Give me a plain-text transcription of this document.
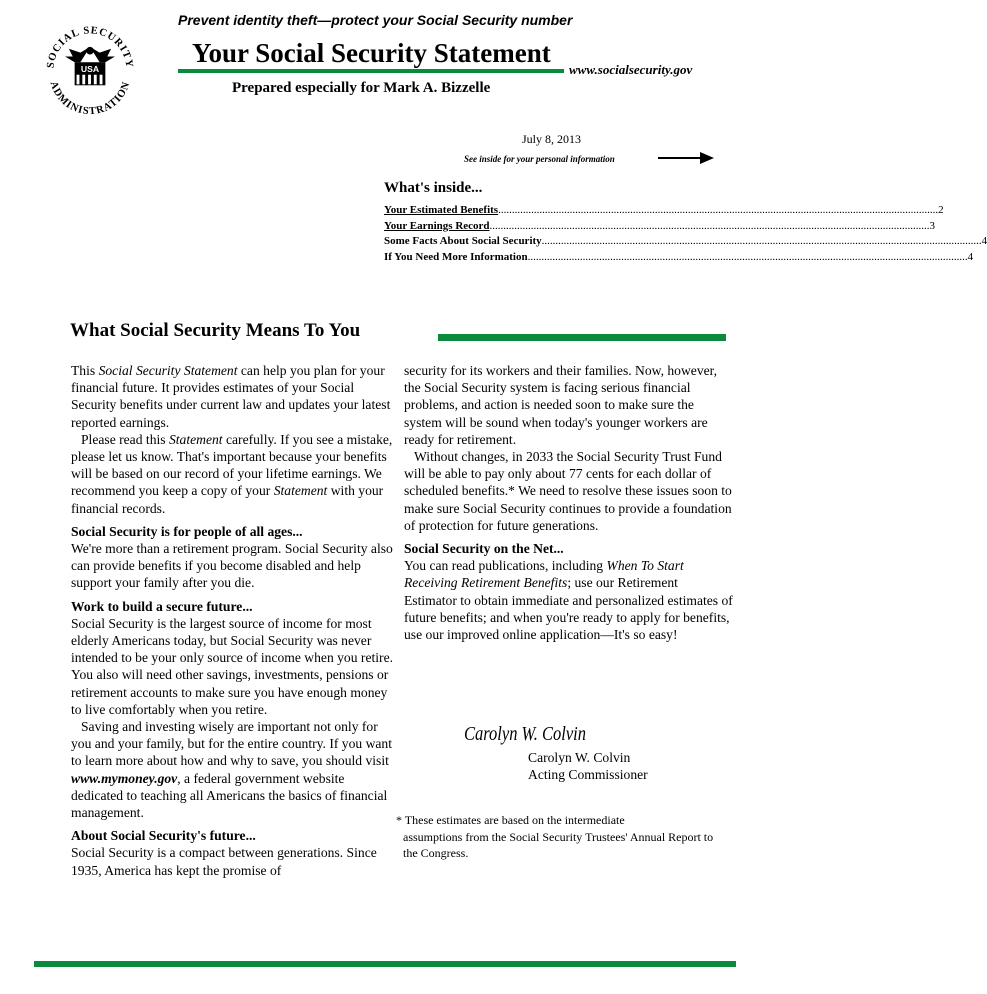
SOCIAL SECURITY
ADMINISTRATION
USA
Prevent identity theft—protect your Social Security number
Your Social Security Statement
www.socialsecurity.gov
Prepared especially for Mark A. Bizzelle
July 8, 2013
See inside for your personal information
What's inside...
Your Estimated Benefits .....	2
Your Earnings Record .....	3
Some Facts About Social Security .....	4
If You Need More Information .....	4
What Social Security Means To You

This Social Security Statement can help you plan for your financial future. It provides estimates of your Social Security benefits under current law and updates your latest reported earnings.

Please read this Statement carefully. If you see a mistake, please let us know. That's important because your benefits will be based on our record of your lifetime earnings. We recommend you keep a copy of your Statement with your financial records.

Social Security is for people of all ages...

We're more than a retirement program. Social Security also can provide benefits if you become disabled and help support your family after you die.

Work to build a secure future...

Social Security is the largest source of income for most elderly Americans today, but Social Security was never intended to be your only source of income when you retire. You also will need other savings, investments, pensions or retirement accounts to make sure you have enough money to live comfortably when you retire.

Saving and investing wisely are important not only for you and your family, but for the entire country. If you want to learn more about how and why to save, you should visit www.mymoney.gov, a federal government website dedicated to teaching all Americans the basics of financial management.

About Social Security's future...

Social Security is a compact between generations. Since 1935, America has kept the promise of

security for its workers and their families. Now, however, the Social Security system is facing serious financial problems, and action is needed soon to make sure the system will be sound when today's younger workers are ready for retirement.

Without changes, in 2033 the Social Security Trust Fund will be able to pay only about 77 cents for each dollar of scheduled benefits.* We need to resolve these issues soon to make sure Social Security continues to provide a foundation of protection for future generations.

Social Security on the Net...

You can read publications, including When To Start Receiving Retirement Benefits; use our Retirement Estimator to obtain immediate and personalized estimates of future benefits; and when you're ready to apply for benefits, use our improved online application—It's so easy!

Carolyn W. Colvin
Carolyn W. Colvin
Acting Commissioner
* These estimates are based on the intermediate
assumptions from the Social Security Trustees' Annual Report to the Congress.
